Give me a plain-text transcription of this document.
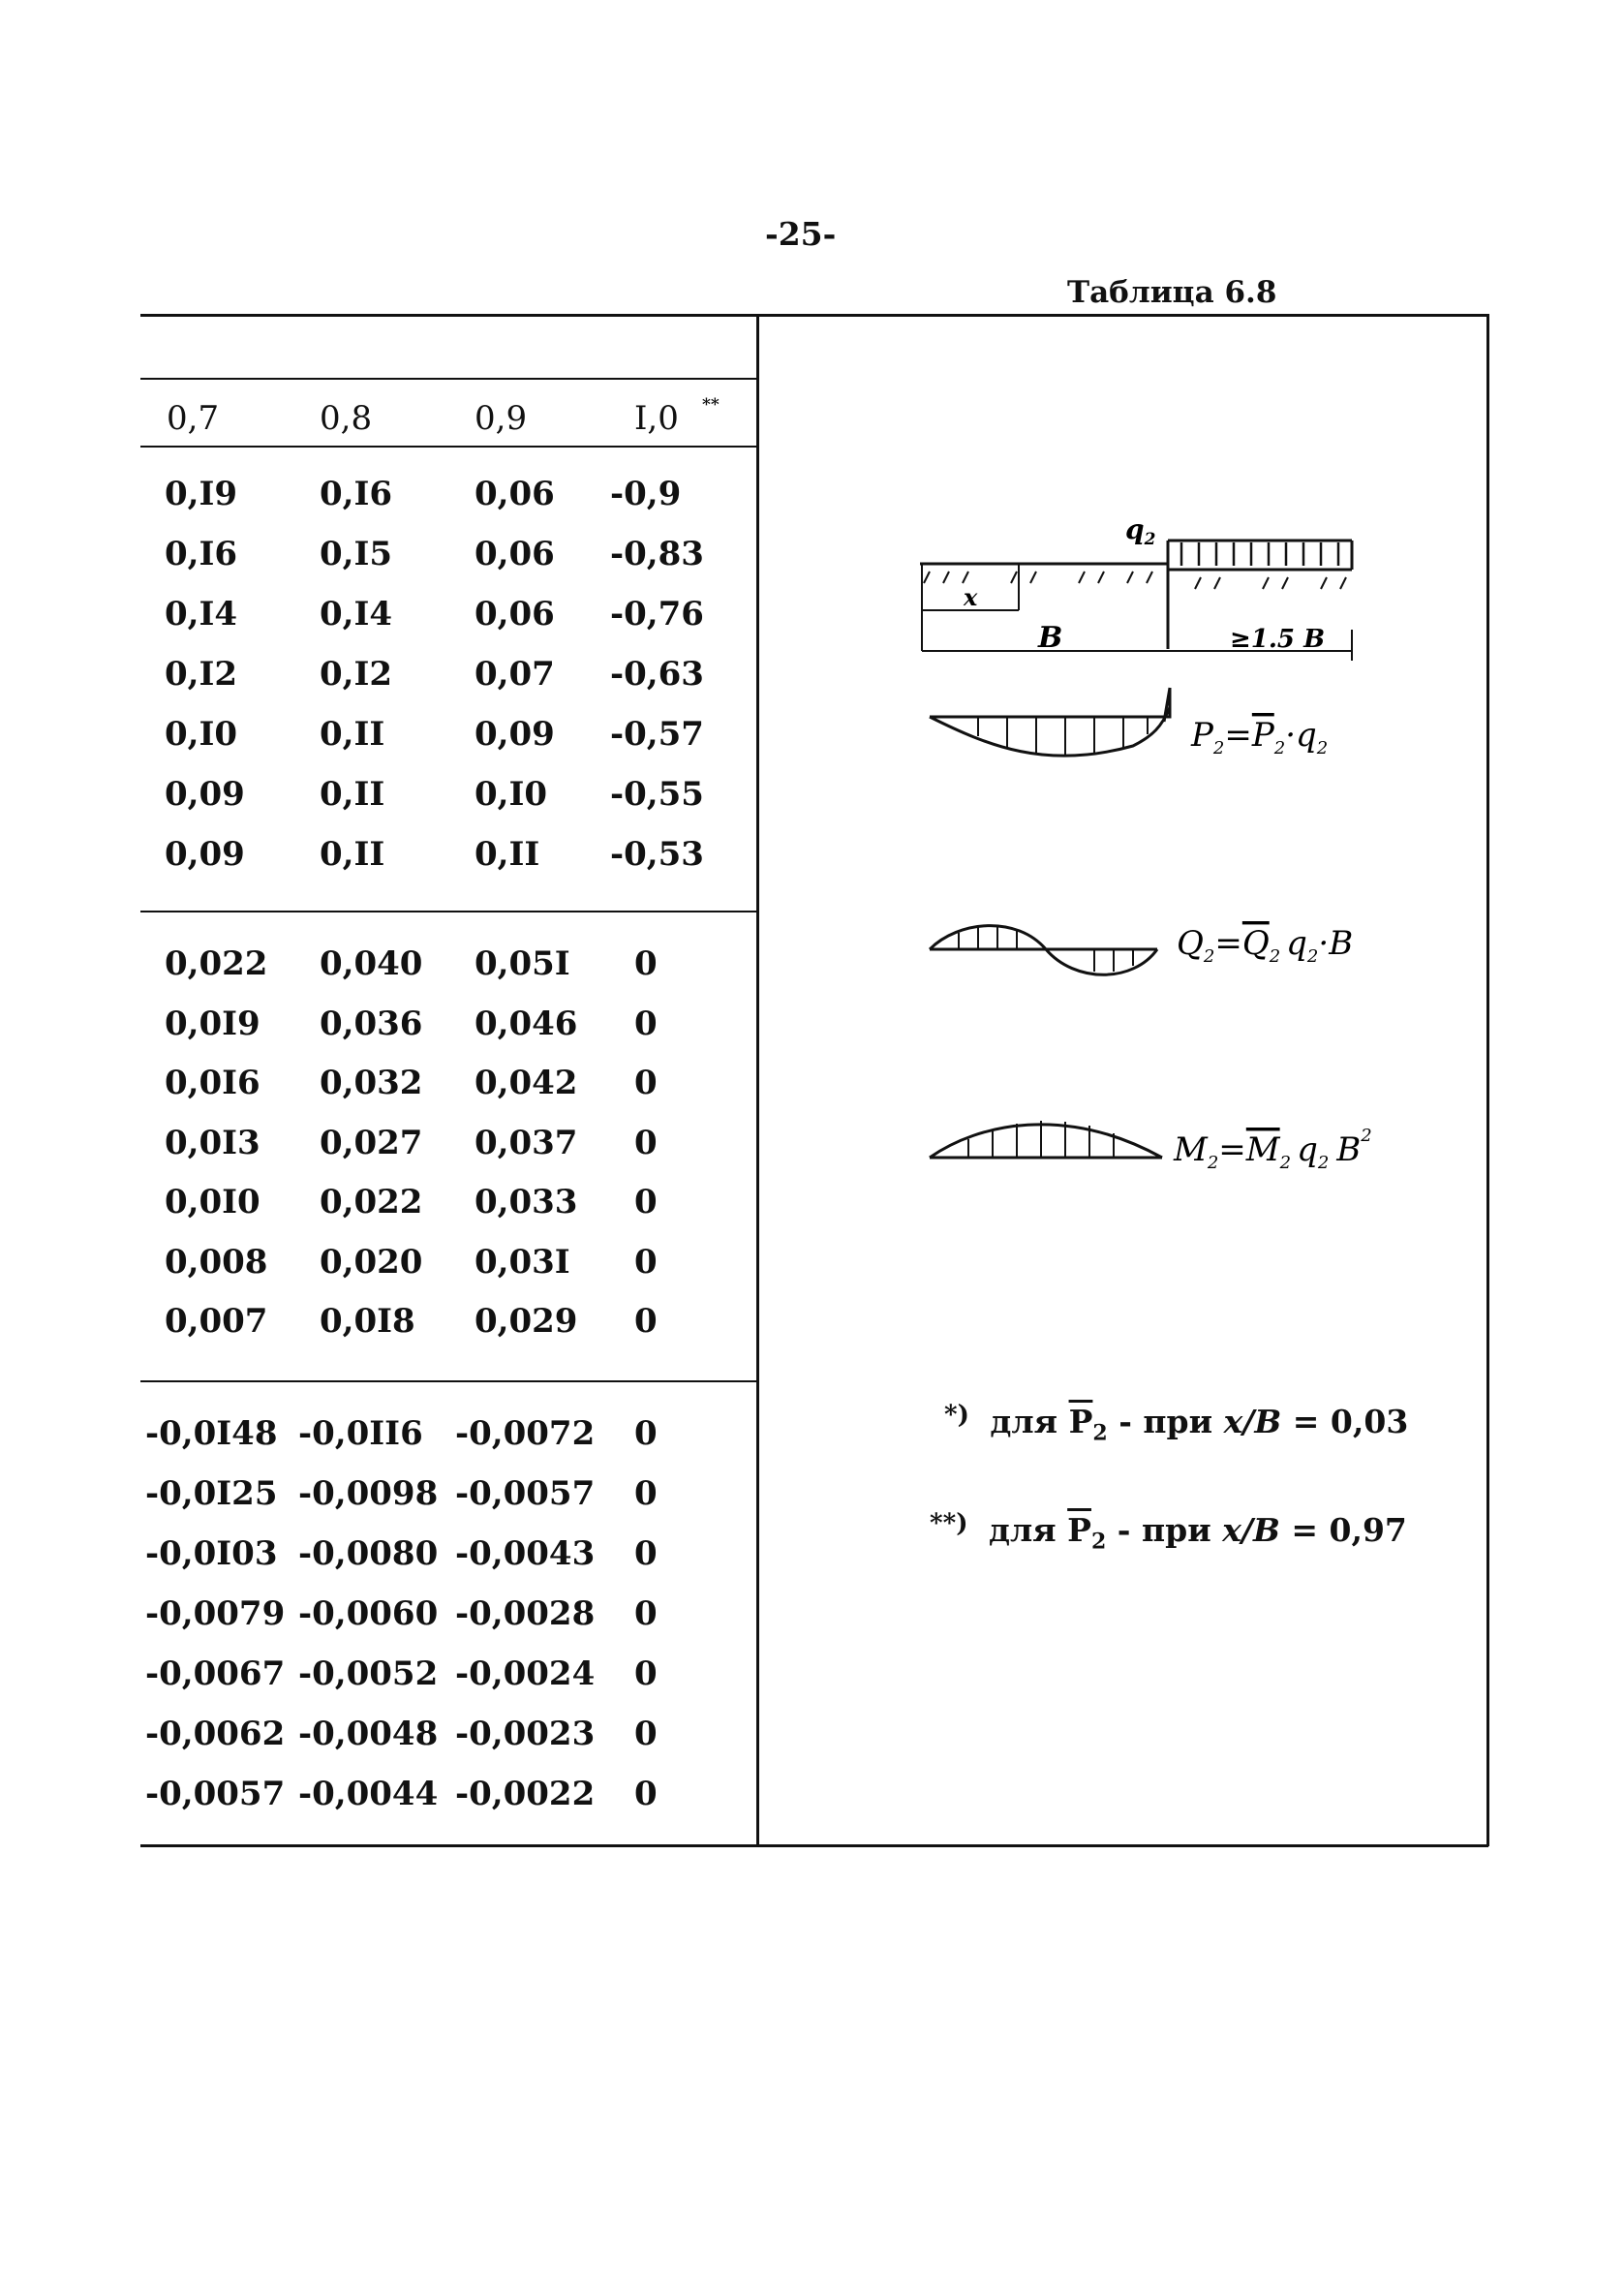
-25-
Таблица 6.8
0,7	0,8	0,9	I,0 **
0,I9 0,I6 0,06 -0,9
0,I6 0,I5 0,06 -0,83
0,I4 0,I4 0,06 -0,76
0,I2 0,I2 0,07 -0,63
0,I0 0,II	0,09 -0,57
0,09 0,II	0,I0 -0,55
0,09 0,II	0,II -0,53
0,022 0,040 0,05I 0
0,0I9 0,036 0,046 0
0,0I6 0,032 0,042 0
0,0I3 0,027 0,037 0
0,0I0 0,022 0,033 0
0,008 0,020 0,03I 0
0,007 0,0I8 0,029 0
-0,0I48 -0,0II6 -0,0072 0
-0,0I25 -0,0098 -0,0057 0
-0,0I03 -0,0080 -0,0043 0
-0,0079 -0,0060 -0,0028 0
-0,0067 -0,0052 -0,0024 0
-0,0062 -0,0048 -0,0023 0
-0,0057 -0,0044 -0,0022 0
$q_2$
x
B	≥1.5 B
$P_2=P_2\cdot q_2$
$Q_2=Q_2$ $q_2\cdot B$
$M_2=M_2$ $q_2$ $B^2$
*) для $\overline{P}_2$ - при x/B = 0,03
**) для $\overline{P}_2$ - при x/B = 0,97
